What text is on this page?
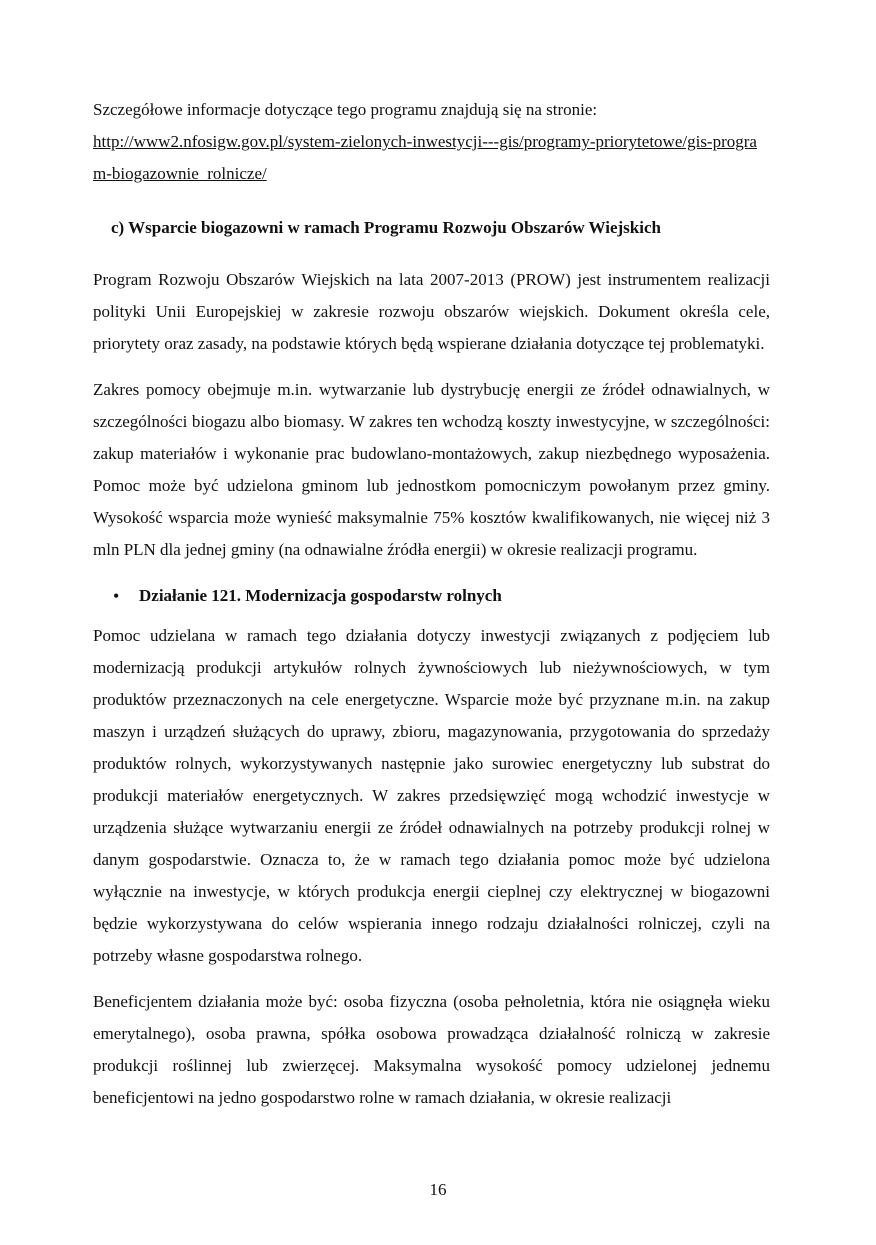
Szczegółowe informacje dotyczące tego programu znajdują się na stronie:

http://www2.nfosigw.gov.pl/system-zielonych-inwestycji---gis/programy-priorytetowe/gis-program-biogazownie_rolnicze/
c) Wsparcie biogazowni w ramach Programu Rozwoju Obszarów Wiejskich

Program Rozwoju Obszarów Wiejskich na lata 2007-2013 (PROW) jest instrumentem realizacji polityki Unii Europejskiej w zakresie rozwoju obszarów wiejskich. Dokument określa cele, priorytety oraz zasady, na podstawie których będą wspierane działania dotyczące tej problematyki.

Zakres pomocy obejmuje m.in. wytwarzanie lub dystrybucję energii ze źródeł odnawialnych, w szczególności biogazu albo biomasy. W zakres ten wchodzą koszty inwestycyjne, w szczególności: zakup materiałów i wykonanie prac budowlano-montażowych, zakup niezbędnego wyposażenia. Pomoc może być udzielona gminom lub jednostkom pomocniczym powołanym przez gminy. Wysokość wsparcia może wynieść maksymalnie 75% kosztów kwalifikowanych, nie więcej niż 3 mln PLN dla jednej gminy (na odnawialne źródła energii) w okresie realizacji programu.

•	Działanie 121. Modernizacja gospodarstw rolnych

Pomoc udzielana w ramach tego działania dotyczy inwestycji związanych z podjęciem lub modernizacją produkcji artykułów rolnych żywnościowych lub nieżywnościowych, w tym produktów przeznaczonych na cele energetyczne. Wsparcie może być przyznane m.in. na zakup maszyn i urządzeń służących do uprawy, zbioru, magazynowania, przygotowania do sprzedaży produktów rolnych, wykorzystywanych następnie jako surowiec energetyczny lub substrat do produkcji materiałów energetycznych. W zakres przedsięwzięć mogą wchodzić inwestycje w urządzenia służące wytwarzaniu energii ze źródeł odnawialnych na potrzeby produkcji rolnej w danym gospodarstwie. Oznacza to, że w ramach tego działania pomoc może być udzielona wyłącznie na inwestycje, w których produkcja energii cieplnej czy elektrycznej w biogazowni będzie wykorzystywana do celów wspierania innego rodzaju działalności rolniczej, czyli na potrzeby własne gospodarstwa rolnego.

Beneficjentem działania może być: osoba fizyczna (osoba pełnoletnia, która nie osiągnęła wieku emerytalnego), osoba prawna, spółka osobowa prowadząca działalność rolniczą w zakresie produkcji roślinnej lub zwierzęcej. Maksymalna wysokość pomocy udzielonej jednemu beneficjentowi na jedno gospodarstwo rolne w ramach działania, w okresie realizacji

16
